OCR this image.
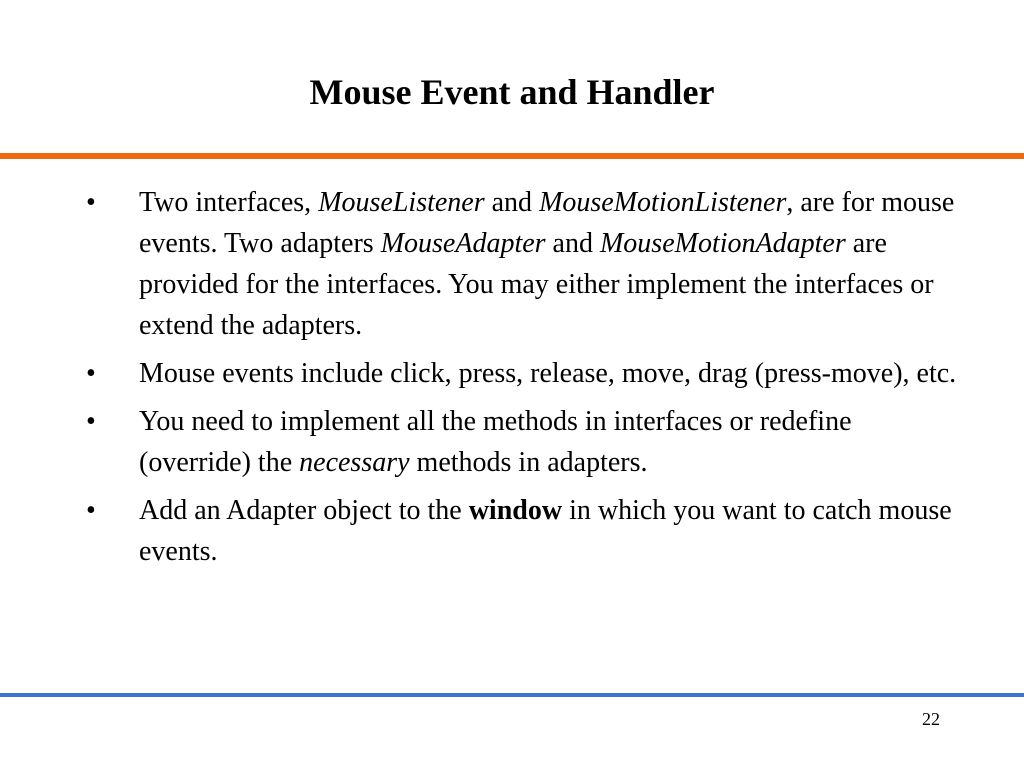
Mouse Event and Handler
•	Two interfaces, MouseListener and MouseMotionListener, are for mouse events. Two adapters MouseAdapter and MouseMotionAdapter are provided for the interfaces. You may either implement the interfaces or extend the adapters.
•	Mouse events include click, press, release, move, drag (press-move), etc.
•	You need to implement all the methods in interfaces or redefine (override) the necessary methods in adapters.
•	Add an Adapter object to the window in which you want to catch mouse events.
22
